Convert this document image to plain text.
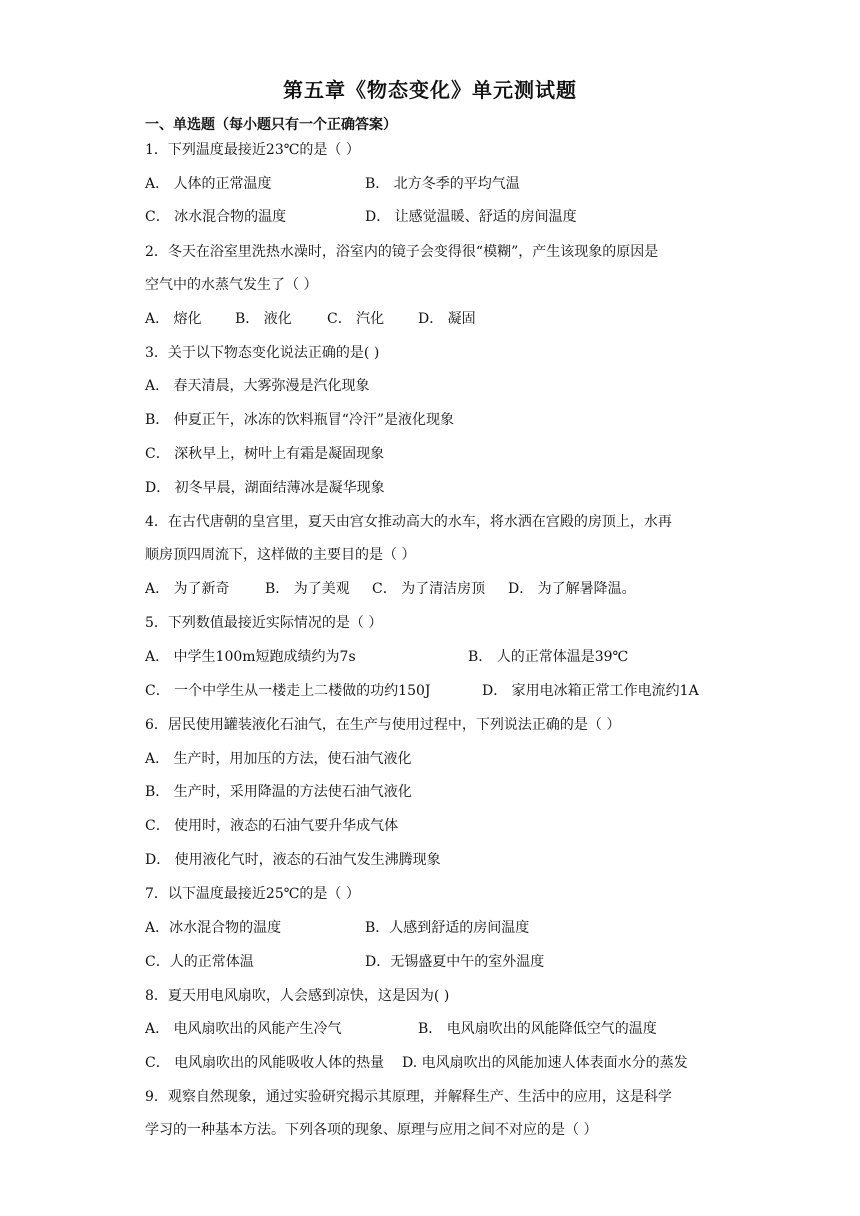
第五章《物态变化》单元测试题
一、单选题（每小题只有一个正确答案）
1．下列温度最接近23℃的是（ ）
A． 人体的正常温度	B． 北方冬季的平均气温
C． 冰水混合物的温度	D． 让感觉温暖、舒适的房间温度
2．冬天在浴室里洗热水澡时，浴室内的镜子会变得很“模糊”，产生该现象的原因是
空气中的水蒸气发生了（ ）
A． 熔化 B． 液化	C． 汽化 D． 凝固
3．关于以下物态变化说法正确的是( )
A． 春天清晨，大雾弥漫是汽化现象
B． 仲夏正午，冰冻的饮料瓶冒“冷汗”是液化现象
C． 深秋早上，树叶上有霜是凝固现象
D． 初冬早晨，湖面结薄冰是凝华现象
4．在古代唐朝的皇宫里，夏天由宫女推动高大的水车，将水洒在宫殿的房顶上，水再
顺房顶四周流下，这样做的主要目的是（ ）
A． 为了新奇	B． 为了美观 C． 为了清洁房顶 D． 为了解暑降温。
5．下列数值最接近实际情况的是（ ）
A． 中学生100m短跑成绩约为7s	B． 人的正常体温是39℃
C． 一个中学生从一楼走上二楼做的功约150J	D． 家用电冰箱正常工作电流约1A
6．居民使用罐装液化石油气，在生产与使用过程中，下列说法正确的是（ ）
A． 生产时，用加压的方法，使石油气液化
B． 生产时，采用降温的方法使石油气液化
C． 使用时，液态的石油气要升华成气体
D． 使用液化气时，液态的石油气发生沸腾现象
7．以下温度最接近25℃的是（ ）
A．冰水混合物的温度	B．人感到舒适的房间温度
C．人的正常体温	D．无锡盛夏中午的室外温度
8．夏天用电风扇吹，人会感到凉快，这是因为( )
A． 电风扇吹出的风能产生冷气	B． 电风扇吹出的风能降低空气的温度
C． 电风扇吹出的风能吸收人体的热量 D. 电风扇吹出的风能加速人体表面水分的蒸发
9．观察自然现象，通过实验研究揭示其原理，并解释生产、生活中的应用，这是科学
学习的一种基本方法。下列各项的现象、原理与应用之间不对应的是（ ）
